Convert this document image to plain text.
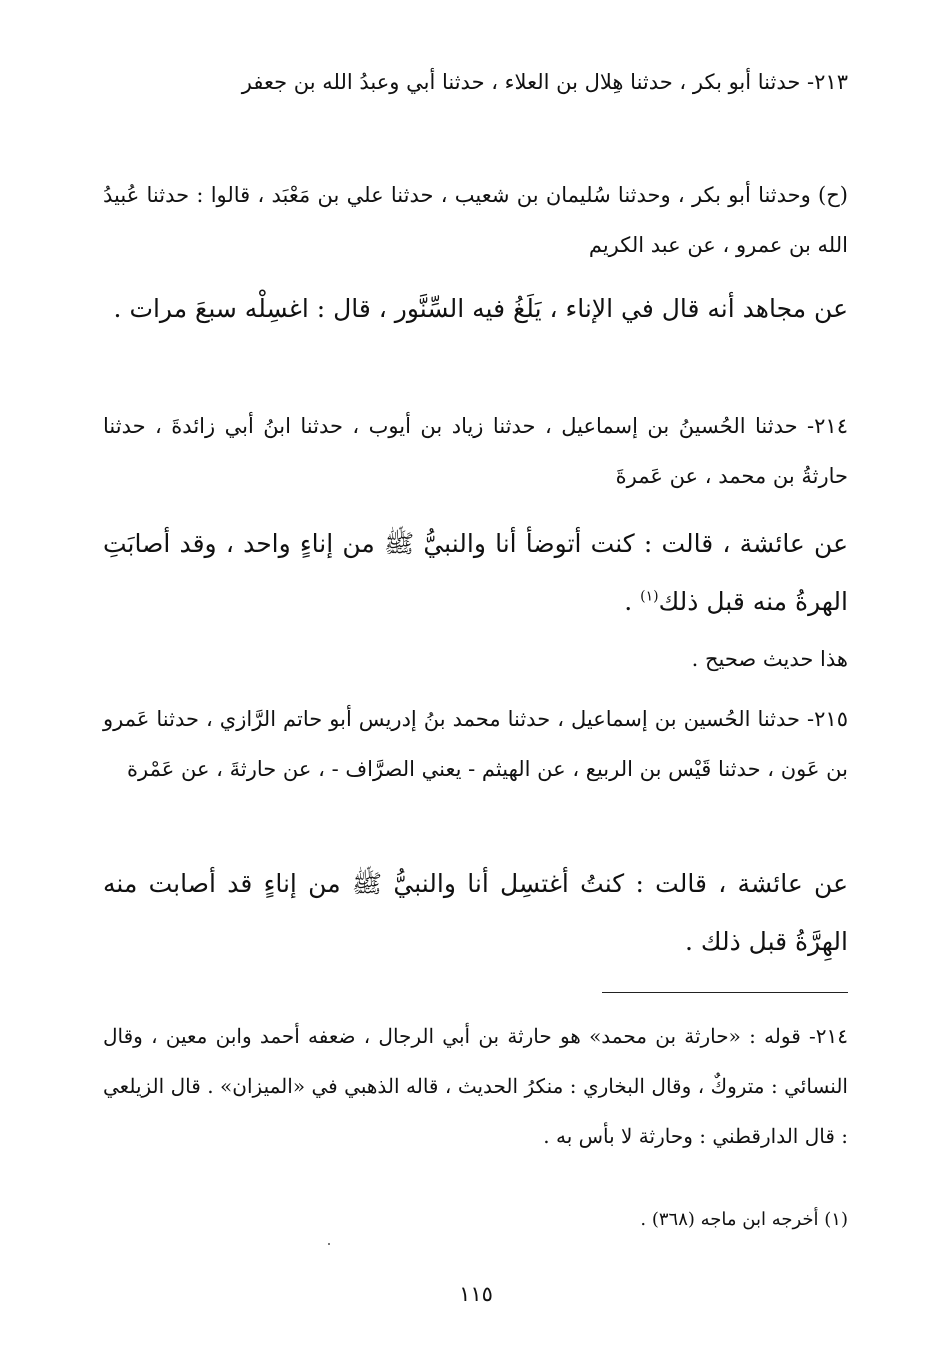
٢١٣- حدثنا أبو بكر ، حدثنا هِلال بن العلاء ، حدثنا أبي وعبدُ الله بن جعفر
(ح) وحدثنا أبو بكر ، وحدثنا سُليمان بن شعيب ، حدثنا علي بن مَعْبَد ، قالوا : حدثنا عُبيدُ الله بن عمرو ، عن عبد الكريم
عن مجاهد أنه قال في الإناء ، يَلَغُ فيه السِّنَّور ، قال : اغسِلْه سبعَ مرات .
٢١٤- حدثنا الحُسينُ بن إسماعيل ، حدثنا زياد بن أيوب ، حدثنا ابنُ أبي زائدةَ ، حدثنا حارثةُ بن محمد ، عن عَمرةَ
عن عائشة ، قالت : كنت أتوضأ أنا والنبيُّ ﷺ من إناءٍ واحد ، وقد أصابَتِ الهرةُ منه قبل ذلك$^{(١)}$ .
هذا حديث صحيح .
٢١٥- حدثنا الحُسين بن إسماعيل ، حدثنا محمد بنُ إدريس أبو حاتم الرَّازي ، حدثنا عَمرو بن عَون ، حدثنا قَيْس بن الربيع ، عن الهيثم - يعني الصرَّاف - ، عن حارثةَ ، عن عَمْرة
عن عائشة ، قالت : كنتُ أغتسِل أنا والنبيُّ ﷺ من إناءٍ قد أصابت منه الهِرَّةُ قبل ذلك .
٢١٤- قوله : «حارثة بن محمد» هو حارثة بن أبي الرجال ، ضعفه أحمد وابن معين ، وقال النسائي : متروكٌ ، وقال البخاري : منكرُ الحديث ، قاله الذهبي في «الميزان» . قال الزيلعي : قال الدارقطني : وحارثة لا بأس به .
(١) أخرجه ابن ماجه (٣٦٨) .
١١٥
